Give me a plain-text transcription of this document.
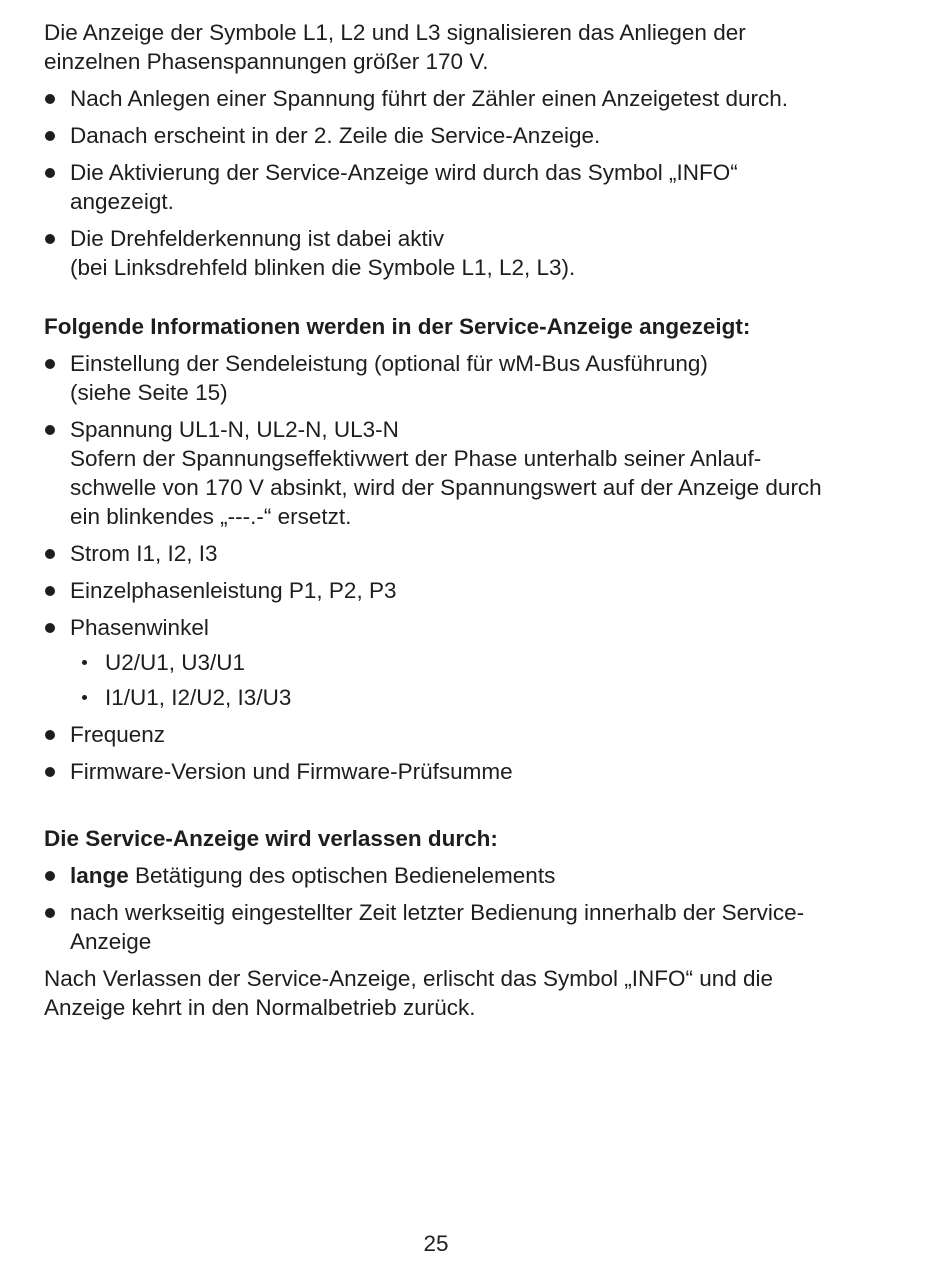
Die Anzeige der Symbole L1, L2 und L3 signalisieren das Anliegen der einzelnen Phasenspannungen größer 170 V.

Nach Anlegen einer Spannung führt der Zähler einen Anzeigetest durch.
Danach erscheint in der 2. Zeile die Service-Anzeige.
Die Aktivierung der Service-Anzeige wird durch das Symbol „INFO“ angezeigt.
Die Drehfelderkennung ist dabei aktiv
(bei Linksdrehfeld blinken die Symbole L1, L2, L3).

Folgende Informationen werden in der Service-Anzeige angezeigt:

Einstellung der Sendeleistung (optional für wM-Bus Ausführung)
(siehe Seite 15)
Spannung UL1-N, UL2-N, UL3-N
Sofern der Spannungseffektivwert der Phase unterhalb seiner Anlauf-schwelle von 170 V absinkt, wird der Spannungswert auf der Anzeige durch ein blinkendes „---.-“ ersetzt.
Strom I1, I2, I3
Einzelphasenleistung P1, P2, P3
Phasenwinkel
U2/U1, U3/U1
I1/U1, I2/U2, I3/U3
Frequenz
Firmware-Version und Firmware-Prüfsumme

Die Service-Anzeige wird verlassen durch:

lange Betätigung des optischen Bedienelements
nach werkseitig eingestellter Zeit letzter Bedienung innerhalb der Service-Anzeige

Nach Verlassen der Service-Anzeige, erlischt das Symbol „INFO“ und die Anzeige kehrt in den Normalbetrieb zurück.

25
